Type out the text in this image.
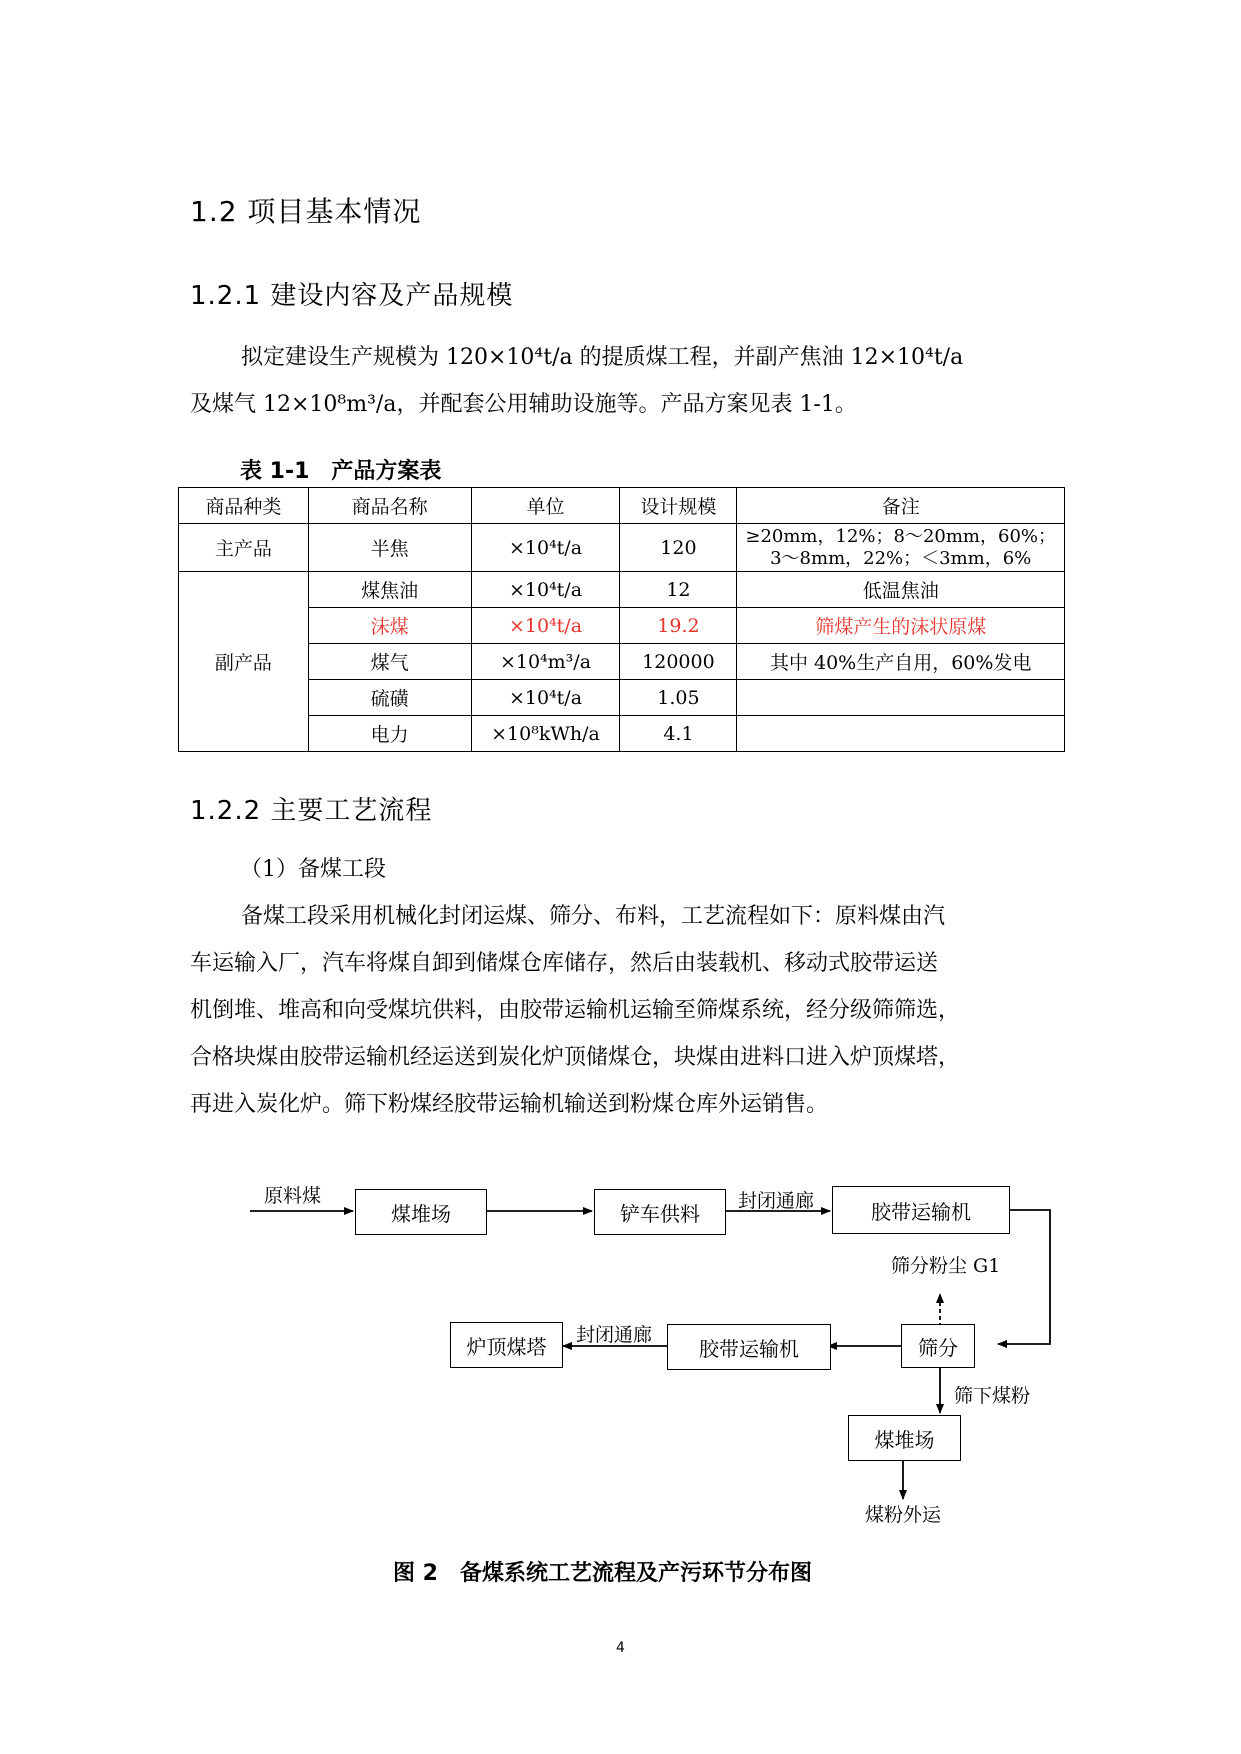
1.2 项目基本情况
1.2.1 建设内容及产品规模

拟定建设生产规模为 120×10⁴t/a 的提质煤工程，并副产焦油 12×10⁴t/a

及煤气 12×10⁸m³/a，并配套公用辅助设施等。产品方案见表 1-1。

表 1-1　产品方案表
商品种类	商品名称	单位	设计规模	备注
主产品	半焦	×10⁴t/a	120	≥20mm，12%；8～20mm，60%；
3～8mm，22%；＜3mm，6%

副产品	煤焦油	×10⁴t/a	12	低温焦油
	沫煤	×10⁴t/a	19.2	筛煤产生的沫状原煤
	煤气	×10⁴m³/a	120000	其中 40%生产自用，60%发电
	硫磺	×10⁴t/a	1.05	
	电力	×10⁸kWh/a	4.1	
1.2.2 主要工艺流程
（1）备煤工段

备煤工段采用机械化封闭运煤、筛分、布料，工艺流程如下：原料煤由汽

车运输入厂，汽车将煤自卸到储煤仓库储存，然后由装载机、移动式胶带运送

机倒堆、堆高和向受煤坑供料，由胶带运输机运输至筛煤系统，经分级筛筛选，

合格块煤由胶带运输机经运送到炭化炉顶储煤仓，块煤由进料口进入炉顶煤塔，

再进入炭化炉。筛下粉煤经胶带运输机输送到粉煤仓库外运销售。

原料煤
煤堆场	铲车供料
封闭通廊	胶带运输机
筛分粉尘 G1
筛分
胶带运输机
封闭通廊
炉顶煤塔
筛下煤粉
煤堆场
煤粉外运
图 2　备煤系统工艺流程及产污环节分布图
4
